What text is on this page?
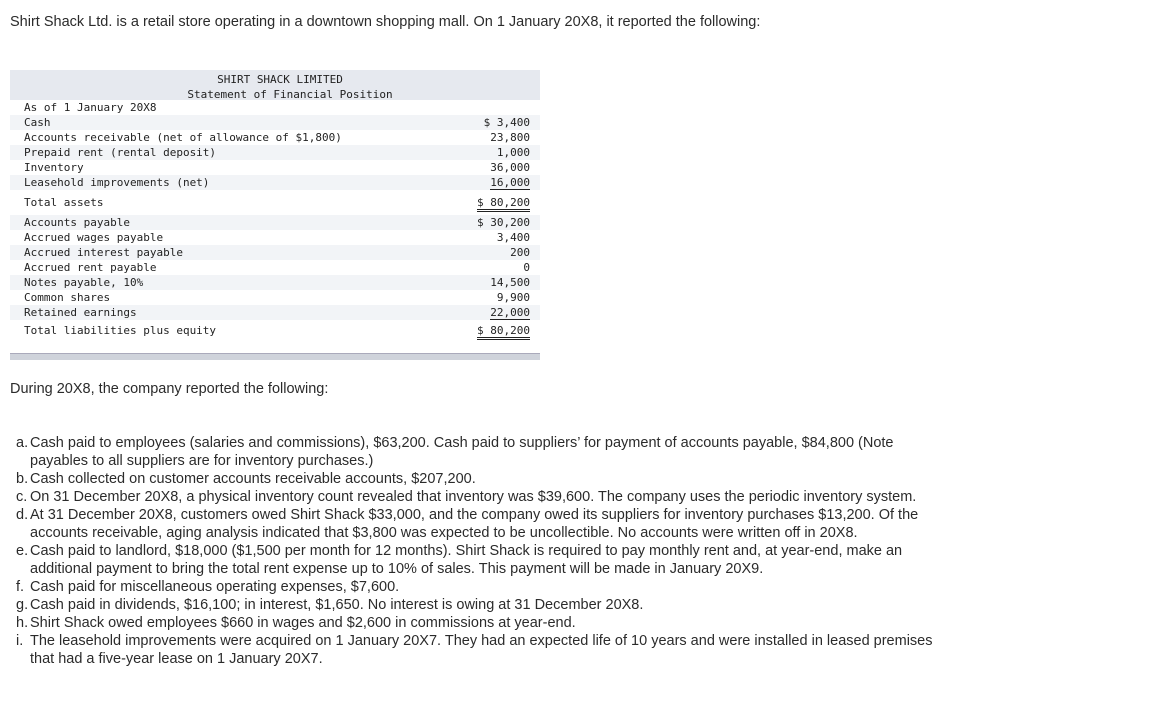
Shirt Shack Ltd. is a retail store operating in a downtown shopping mall. On 1 January 20X8, it reported the following:
SHIRT SHACK LIMITED
Statement of Financial Position
As of 1 January 20X8
Cash	$ 3,400
Accounts receivable (net of allowance of $1,800)	23,800
Prepaid rent (rental deposit)	1,000
Inventory	36,000
Leasehold improvements (net)	16,000
Total assets	$ 80,200
Accounts payable	$ 30,200
Accrued wages payable	3,400
Accrued interest payable	200
Accrued rent payable	0
Notes payable, 10%	14,500
Common shares	9,900
Retained earnings	22,000
Total liabilities plus equity	$ 80,200
During 20X8, the company reported the following:
a. Cash paid to employees (salaries and commissions), $63,200. Cash paid to suppliers’ for payment of accounts payable, $84,800 (Note payables to all suppliers are for inventory purchases.)
b. Cash collected on customer accounts receivable accounts, $207,200.
c. On 31 December 20X8, a physical inventory count revealed that inventory was $39,600. The company uses the periodic inventory system.
d. At 31 December 20X8, customers owed Shirt Shack $33,000, and the company owed its suppliers for inventory purchases $13,200. Of the accounts receivable, aging analysis indicated that $3,800 was expected to be uncollectible. No accounts were written off in 20X8.
e. Cash paid to landlord, $18,000 ($1,500 per month for 12 months). Shirt Shack is required to pay monthly rent and, at year-end, make an additional payment to bring the total rent expense up to 10% of sales. This payment will be made in January 20X9.
f. Cash paid for miscellaneous operating expenses, $7,600.
g. Cash paid in dividends, $16,100; in interest, $1,650. No interest is owing at 31 December 20X8.
h. Shirt Shack owed employees $660 in wages and $2,600 in commissions at year-end.
i. The leasehold improvements were acquired on 1 January 20X7. They had an expected life of 10 years and were installed in leased premises that had a five-year lease on 1 January 20X7.
